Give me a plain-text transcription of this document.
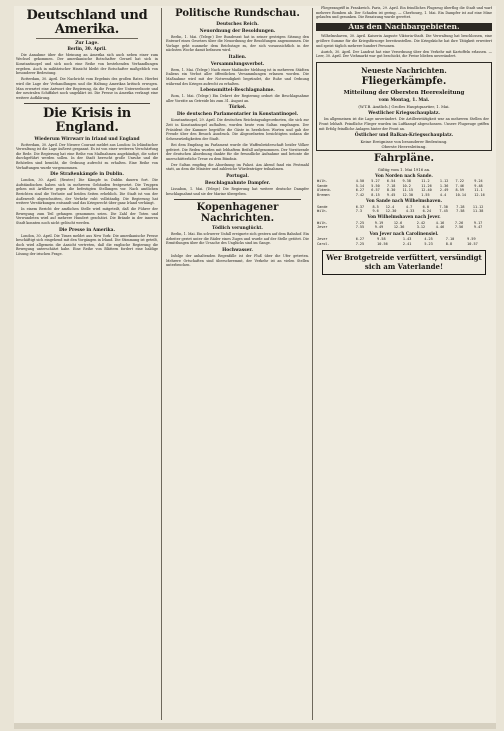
Deutschland und Amerika.
Zur Lage.
Berlin, 30. April.

Die Annahme über die Meinung an Amerika sich auch neben einer zum Wechsel gekommen. Der amerikanische Botschafter Gerard hat sich in Konstantinopel und sich noch eine Reihe von bestehenden Verhandlungen ergeben. Auch in militärischer Hinsicht bleibt der Botschafter maßgeblich von besonderer Bedeutung.

Rotterdam, 30. April. Die Nachricht vom Ergebnis des großen Rates. Hierbei wird die Lage der Verhandlungen und die Haltung Amerikas kritisch erwogen. Man erwartet eine Antwort der Regierung, da die Frage der Unterseeboote und der neutralen Schiffahrt noch ungeklärt ist. Die Presse in Amerika verlangt eine weitere Aufklärung.

Die Krisis in England.
Wiederum Wirrwarr in Irland und England

Rotterdam, 30. April. Der Nieuwe Courant meldet aus London: In Irländischer Verwaltung ist die Lage äußerst gespannt. Es ist von einer weiteren Verschärfung die Rede. Die Regierung hat eine Reihe von Maßnahmen angekündigt, die sofort durchgeführt werden sollen. In der Stadt herrscht große Unruhe und die Behörden sind bemüht, die Ordnung aufrecht zu erhalten. Eine Reihe von Verhaftungen wurde vorgenommen.

Die Straßenkämpfe in Dublin.

London, 30. April. (Reuter.) Die Kämpfe in Dublin dauern fort. Die Aufständischen haben sich in mehreren Gebäuden festgesetzt. Die Truppen gehen mit Artillerie gegen die befestigten Stellungen vor. Nach amtlichen Berichten sind die Verluste auf beiden Seiten erheblich. Die Stadt ist von der Außenwelt abgeschnitten, der Verkehr ruht vollständig. Die Regierung hat weitere Verstärkungen entsandt und das Kriegsrecht über ganz Irland verhängt.

In einem Bericht der amtlichen Stelle wird mitgeteilt, daß die Führer der Bewegung zum Teil gefangen genommen seien. Die Zahl der Toten und Verwundeten wird auf mehrere Hundert geschätzt. Die Brände in der inneren Stadt konnten noch nicht gelöscht werden.

Die Presse in Amerika.

London, 30. April. Die Times meldet aus New York: Die amerikanische Presse beschäftigt sich eingehend mit den Vorgängen in Irland. Die Stimmung ist geteilt, doch wird allgemein die Ansicht vertreten, daß die englische Regierung die Bewegung unterschätzt habe. Eine Reihe von Blättern fordert eine baldige Lösung der irischen Frage.

Politische Rundschau.
Deutsches Reich.
Neuordnung der Besoldungen.

Berlin, 1. Mai. (Telegr.) Der Bundesrat hat in seiner gestrigen Sitzung den Entwurf eines Gesetzes über die Neuordnung der Besoldungen angenommen. Die Vorlage geht nunmehr dem Reichstage zu, der sich voraussichtlich in der nächsten Woche damit befassen wird.

Italien.
Versammlungsverbot.

Bern, 1. Mai. (Telegr.) Nach einer Mailänder Meldung ist in mehreren Städten Italiens ein Verbot aller öffentlichen Versammlungen erlassen worden. Die Maßnahme wird mit der Notwendigkeit begründet, die Ruhe und Ordnung während des Krieges aufrecht zu erhalten.

Lebensmittel-Beschlagnahme.

Rom, 1. Mai. (Telegr.) Ein Dekret der Regierung ordnet die Beschlagnahme aller Vorräte an Getreide bis zum 31. August an.

Türkei.
Die deutschen Parlamentarier in Konstantinopel.

Konstantinopel, 29. April. Die deutschen Reichstagsabgeordneten, die sich zur Zeit in Konstantinopel aufhalten, wurden heute vom Sultan empfangen. Der Präsident der Kammer begrüßte die Gäste in herzlichen Worten und gab der Freude über den Besuch Ausdruck. Die Abgeordneten besichtigten sodann die Sehenswürdigkeiten der Stadt.

Bei dem Empfang im Parlament wurde die Waffenbrüderschaft beider Völker gefeiert. Die Reden wurden mit lebhaftem Beifall aufgenommen. Der Vorsitzende der deutschen Abordnung dankte für die freundliche Aufnahme und betonte die unerschütterliche Treue zu dem Bündnis.

Der Sultan empfing die Abordnung im Palast. Am Abend fand ein Festmahl statt, an dem die Minister und zahlreiche Würdenträger teilnahmen.

Portugal.
Beschlagnahmte Dampfer.

Lissabon, 1. Mai. (Telegr.) Die Regierung hat weitere deutsche Dampfer beschlagnahmt und sie der Marine übergeben.

Kopenhagener Nachrichten.
Tödlich verunglückt.

Berlin, 1. Mai. Ein schwerer Unfall ereignete sich gestern auf dem Bahnhof. Ein Arbeiter geriet unter die Räder eines Zuges und wurde auf der Stelle getötet. Die Ermittlungen über die Ursache des Unglücks sind im Gange.

Hochwasser.

Infolge der anhaltenden Regenfälle ist der Fluß über die Ufer getreten. Mehrere Ortschaften sind überschwemmt, der Verkehr ist an vielen Stellen unterbrochen.

Fliegerangriff in Frankreich. Paris, 29. April. Ein feindliches Flugzeug überflog die Stadt und warf mehrere Bomben ab. Der Schaden ist gering. — Cherbourg, 1. Mai. Ein Dampfer ist auf eine Mine gelaufen und gesunken. Die Besatzung wurde gerettet.

Aus den Nachbargebieten.

Wilhelmshaven, 30. April. Kaiserin Auguste Viktoria-Stadt. Die Verwaltung hat beschlossen, eine größere Summe für die Kriegsfürsorge bereitzustellen. Die Kriegsküche hat ihre Tätigkeit erweitert und speist täglich mehrere hundert Personen.

Aurich, 30. April. Der Landrat hat eine Verordnung über den Verkehr mit Kartoffeln erlassen. — Leer, 30. April. Der Viehmarkt war gut beschickt, die Preise blieben unverändert.

Neueste Nachrichten.
Fliegerkämpfe.
Mitteilung der Obersten Heeresleitung
vom Montag, 1. Mai.
(W.T.B. Amtlich.) Großes Hauptquartier, 1. Mai.
Westlicher Kriegsschauplatz.

Im allgemeinen ist die Lage unverändert. Die Artillerietätigkeit war an mehreren Stellen der Front lebhaft. Feindliche Flieger wurden im Luftkampf abgeschossen. Unsere Flugzeuge griffen mit Erfolg feindliche Anlagen hinter der Front an.

Östlicher und Balkan-Kriegsschauplatz.
Keine Ereignisse von besonderer Bedeutung.
Oberste Heeresleitung.
Fahrpläne.
Gültig vom 1. Mai 1916 an.
Von Norden nach Sande.
Wilh.	4.50	5.27	6.54	9.38	11.2	1.12	7.22	9.24
Sande	5.14	5.50	7.18	10.2	11.26	1.36	7.46	9.48
Oldenb.	6.27	6.57	8.30	11.15	12.40	2.49	8.59	11.1
Bremen	7.42	8.15	9.45	12.30	1.55	4.4	10.14	12.16
Von Sande nach Wilhelmshaven.
Sande	6.37	8.5	12.4	4.7	6.0	7.30	7.28	11.12
Wilh.	7.3	9.6	12.30	4.33	6.24	7.45	7.58	11.38
Von Wilhelmshaven nach Jever.
Wilh.	7.25	9.19	12.6	2.42	4.16	7.26	9.17
Jever	7.55	9.49	12.36	3.12	4.46	7.56	9.47
Von Jever nach Carolinensiel.
Jever	6.27	9.58	1.43	4.25	7.10	9.59
Carol.	7.25	10.56	2.41	5.23	8.8	10.57
Wer Brotgetreide verfüttert, versündigt sich am Vaterlande!
